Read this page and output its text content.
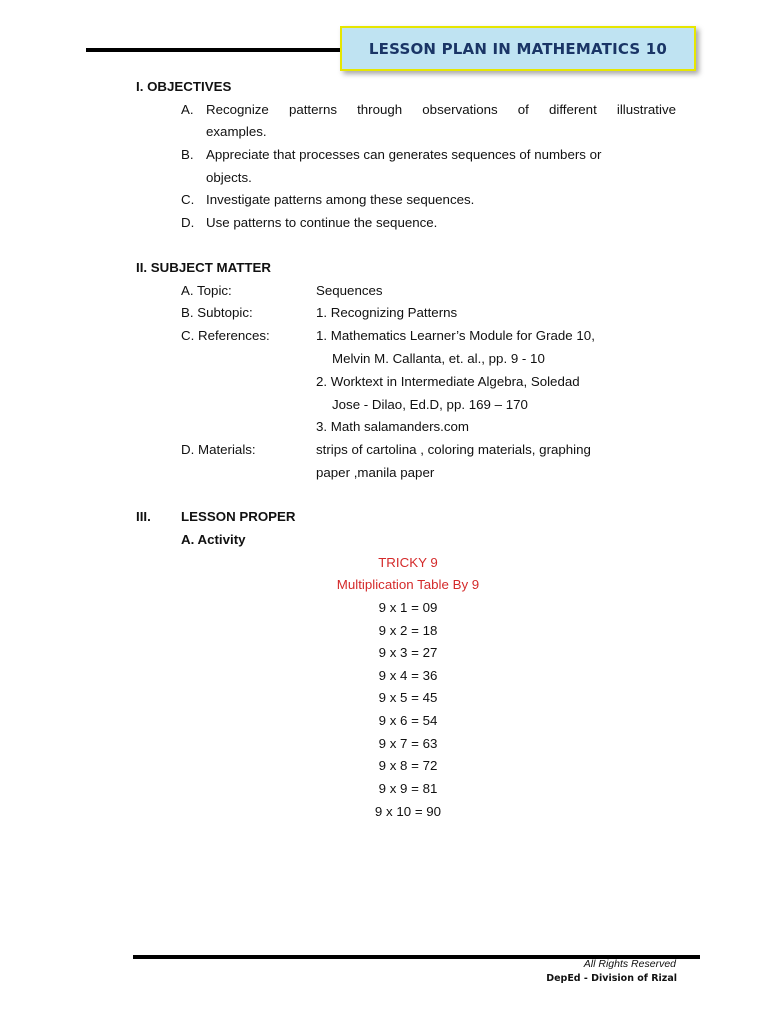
LESSON PLAN IN MATHEMATICS 10
I. OBJECTIVES
A. Recognize patterns through observations of different illustrative
examples.
B. Appreciate that processes can generates sequences of numbers or
objects.
C. Investigate patterns among these sequences.
D. Use patterns to continue the sequence.
II. SUBJECT MATTER
A. Topic:	Sequences
B. Subtopic:	1. Recognizing Patterns
C. References:	1. Mathematics Learner’s Module for Grade 10,
Melvin M. Callanta, et. al., pp. 9 - 10
2. Worktext in Intermediate Algebra, Soledad
Jose - Dilao, Ed.D, pp. 169 – 170
3. Math salamanders.com
D. Materials:	strips of cartolina , coloring materials, graphing
paper ,manila paper
III. LESSON PROPER
A. Activity
TRICKY 9
Multiplication Table By 9
9 x 1 = 09
9 x 2 = 18
9 x 3 = 27
9 x 4 = 36
9 x 5 = 45
9 x 6 = 54
9 x 7 = 63
9 x 8 = 72
9 x 9 = 81
9 x 10 = 90
All Rights Reserved
DepEd - Division of Rizal
